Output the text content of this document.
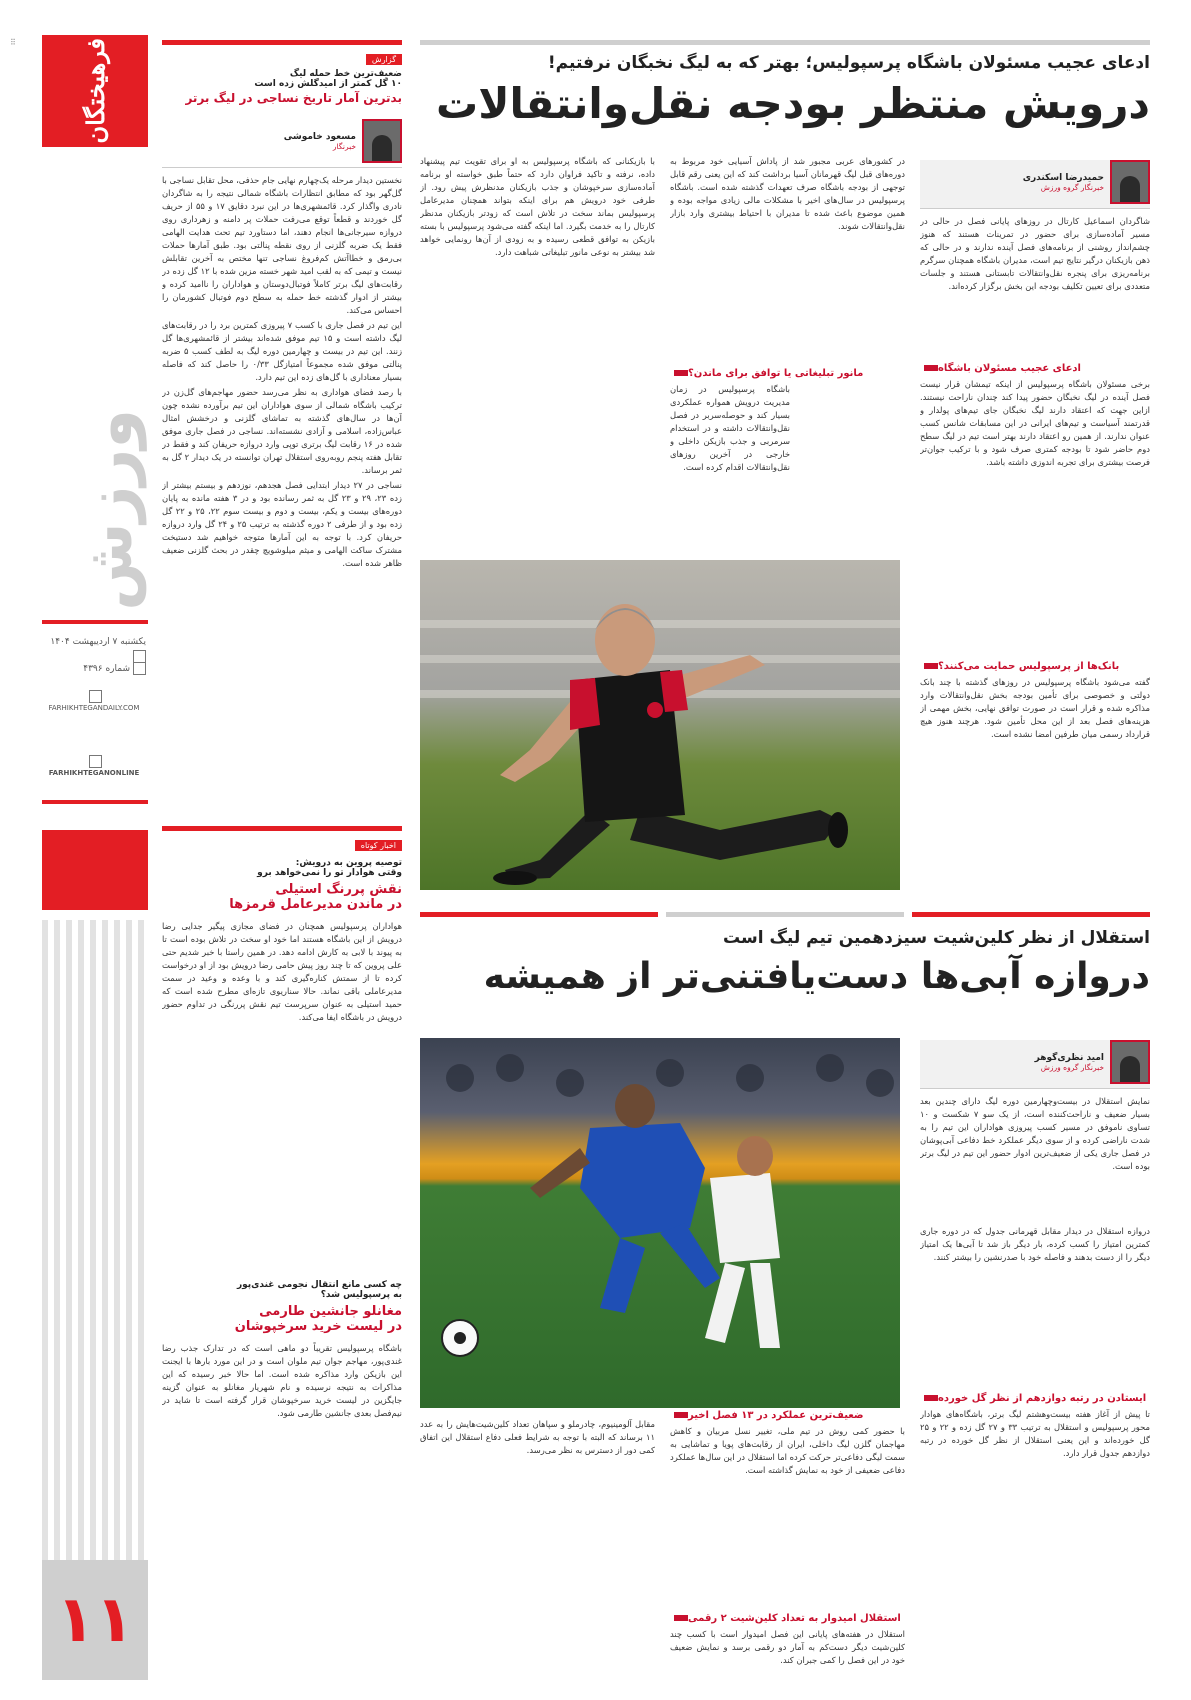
⠿	فرهیختگان
ورزش
یکشنبه ۷ اردیبهشت ۱۴۰۴
شماره ۴۳۹۶

FARHIKHTEGANDAILY.COM

FARHIKHTEGANONLINE
۱۱
گزارش
ضعیف‌ترین خط حمله لیگ
۱۰ گل کمتر از امیدگلش زده است
بدترین آمار تاریخ نساجی در لیگ برتر
مسعود خاموشی
خبرنگار

نخستین دیدار مرحله یک‌چهارم نهایی جام حذفی، محل تقابل نساجی با گل‌گهر بود که مطابق انتظارات باشگاه شمالی نتیجه را به شاگردان نادری واگذار کرد. قائمشهری‌ها در این نبرد دقایق ۱۷ و ۵۵ از حریف گل خوردند و قطعاً توقع می‌رفت حملات پر دامنه و زهرداری روی دروازه سیرجانی‌ها انجام دهند، اما دستاورد تیم تحت هدایت الهامی فقط یک ضربه گلزنی از روی نقطه پنالتی بود. طبق آمارها حملات بی‌رمق و خطاآتش کم‌فروغ نساجی تنها مختص به آخرین تقابلش نیست و تیمی که به لقب امید شهر خسته مزین شده با ۱۲ گل زده در رقابت‌های لیگ برتر کاملاً فوتبال‌دوستان و هواداران را ناامید کرده و بیشتر از ادوار گذشته خط حمله به سطح دوم فوتبال کشورمان را احساس می‌کند.

این تیم در فصل جاری با کسب ۷ پیروزی کمترین برد را در رقابت‌های لیگ داشته است و ۱۵ تیم موفق شده‌اند بیشتر از قائمشهری‌ها گل زنند. این تیم در بیست و چهارمین دوره لیگ به لطف کسب ۵ ضربه پنالتی موفق شده مجموعاً امتیازگل ۰/۳۳ را حاصل کند که فاصله بسیار معناداری با گل‌های زده این تیم دارد.

با رصد فضای هواداری به نظر می‌رسد حضور مهاجم‌های گل‌زن در ترکیب باشگاه شمالی از سوی هواداران این تیم برآورده نشده چون آن‌ها در سال‌های گذشته به تماشای گلزنی و درخشش امثال عباس‌زاده، اسلامی و آزادی نشسته‌اند. نساجی در فصل جاری موفق شده در ۱۶ رقابت لیگ برتری توپی وارد دروازه حریفان کند و فقط در تقابل هفته پنجم روبه‌روی استقلال تهران توانسته در یک دیدار ۲ گل به ثمر برساند.

نساجی در ۲۷ دیدار ابتدایی فصل هجدهم، نوزدهم و بیستم بیشتر از زده ۲۳، ۲۹ و ۲۳ گل به ثمر رسانده بود و در ۳ هفته مانده به پایان دوره‌های بیست و یکم، بیست و دوم و بیست سوم ۲۲، ۲۵ و ۲۲ گل زده بود و از طرفی ۲ دوره گذشته به ترتیب ۲۵ و ۲۴ گل وارد دروازه حریفان کرد. با توجه به این آمارها متوجه خواهیم شد دستیخت مشترک ساکت الهامی و میثم میلوشویچ چقدر در بحث گلزنی ضعیف ظاهر شده است.

اخبار کوتاه
توصیه پروین به درویش:
وقتی هوادار تو را نمی‌خواهد برو
نقش پررنگ استیلی
در ماندن مدیرعامل قرمزها

هواداران پرسپولیس همچنان در فضای مجازی پیگیر جدایی رضا درویش از این باشگاه هستند اما خود او سخت در تلاش بوده است تا به پیوند با لابی به کارش ادامه دهد. در همین راستا با خبر شدیم حتی علی پروین که تا چند روز پیش حامی رضا درویش بود از او درخواست کرده تا از سمتش کناره‌گیری کند و با وعده و وعید در سمت مدیرعاملی باقی نماند. حالا سناریوی تازه‌ای مطرح شده است که حمید استیلی به عنوان سرپرست تیم نقش پررنگی در تداوم حضور درویش در باشگاه ایفا می‌کند.

چه کسی مانع انتقال نجومی غندی‌پور
به پرسپولیس شد؟
مغانلو جانشین طارمی
در لیست خرید سرخپوشان

باشگاه پرسپولیس تقریباً دو ماهی است که در تدارک جذب رضا غندی‌پور، مهاجم جوان تیم ملوان است و در این مورد بارها با ایجنت این بازیکن وارد مذاکره شده است. اما حالا خبر رسیده که این مذاکرات به نتیجه نرسیده و نام شهریار مغانلو به عنوان گزینه جایگزین در لیست خرید سرخپوشان قرار گرفته است تا شاید در نیم‌فصل بعدی جانشین طارمی شود.

ادعای عجیب مسئولان باشگاه پرسپولیس؛ بهتر که به لیگ نخبگان نرفتیم!
درویش منتظر بودجه نقل‌وانتقالات
حمیدرضا اسکندری
خبرنگار گروه ورزش

شاگردان اسماعیل کارتال در روزهای پایانی فصل در حالی در مسیر آماده‌سازی برای حضور در تمرینات هستند که هنوز چشم‌انداز روشنی از برنامه‌های فصل آینده ندارند و در حالی که ذهن بازیکنان درگیر نتایج تیم است، مدیران باشگاه همچنان سرگرم برنامه‌ریزی برای پنجره نقل‌وانتقالات تابستانی هستند و جلسات متعددی برای تعیین تکلیف بودجه این بخش برگزار کرده‌اند.

ادعای عجیب مسئولان باشگاه

برخی مسئولان باشگاه پرسپولیس از اینکه تیمشان قرار نیست فصل آینده در لیگ نخبگان حضور پیدا کند چندان ناراحت نیستند. ازاین جهت که اعتقاد دارند لیگ نخبگان جای تیم‌های پولدار و قدرتمند آسیاست و تیم‌های ایرانی در این مسابقات شانس کسب عنوان ندارند. از همین رو اعتقاد دارند بهتر است تیم در لیگ سطح دوم حاضر شود تا بودجه کمتری صرف شود و با ترکیب جوان‌تر فرصت بیشتری برای تجربه اندوزی داشته باشد.

بانک‌ها از پرسپولیس حمایت می‌کنند؟

گفته می‌شود باشگاه پرسپولیس در روزهای گذشته با چند بانک دولتی و خصوصی برای تأمین بودجه بخش نقل‌وانتقالات وارد مذاکره شده و قرار است در صورت توافق نهایی، بخش مهمی از هزینه‌های فصل بعد از این محل تأمین شود. هرچند هنوز هیچ قرارداد رسمی میان طرفین امضا نشده است.

در کشورهای عربی مجبور شد از پاداش آسیایی خود مربوط به دوره‌های قبل لیگ قهرمانان آسیا برداشت کند که این یعنی رقم قابل توجهی از بودجه باشگاه صرف تعهدات گذشته شده است. باشگاه پرسپولیس در سال‌های اخیر با مشکلات مالی زیادی مواجه بوده و همین موضوع باعث شده تا مدیران با احتیاط بیشتری وارد بازار نقل‌وانتقالات شوند.

مانور تبلیغاتی یا توافق برای ماندن؟

باشگاه پرسپولیس در زمان مدیریت درویش همواره عملکردی بسیار کند و حوصله‌سربر در فصل نقل‌وانتقالات داشته و در استخدام سرمربی و جذب بازیکن داخلی و خارجی در آخرین روزهای نقل‌وانتقالات اقدام کرده است.

با بازیکنانی که باشگاه پرسپولیس به او برای تقویت تیم پیشنهاد داده، نرفته و تاکید فراوان دارد که حتماً طبق خواسته او برنامه آماده‌سازی سرخپوشان و جذب بازیکنان مدنظرش پیش رود. از طرفی خود درویش هم برای اینکه بتواند همچنان مدیرعامل پرسپولیس بماند سخت در تلاش است که زودتر بازیکنان مدنظر کارتال را به خدمت بگیرد. اما اینکه گفته می‌شود پرسپولیس با بسته بازیکن به توافق قطعی رسیده و به زودی از آن‌ها رونمایی خواهد شد بیشتر به نوعی مانور تبلیغاتی شباهت دارد.

استقلال از نظر کلین‌شیت سیزدهمین تیم لیگ است
دروازه آبی‌ها دست‌یافتنی‌تر از همیشه
امید نظری‌گوهر
خبرنگار گروه ورزش

نمایش استقلال در بیست‌وچهارمین دوره لیگ دارای چندین بعد بسیار ضعیف و ناراحت‌کننده است، از یک سو ۷ شکست و ۱۰ تساوی ناموفق در مسیر کسب پیروزی هواداران این تیم را به شدت ناراضی کرده و از سوی دیگر عملکرد خط دفاعی آبی‌پوشان در فصل جاری یکی از ضعیف‌ترین ادوار حضور این تیم در لیگ برتر بوده است.

دروازه استقلال در دیدار مقابل قهرمانی جدول که در دوره جاری کمترین امتیاز را کسب کرده، بار دیگر باز شد تا آبی‌ها یک امتیاز دیگر را از دست بدهند و فاصله خود با صدرنشین را بیشتر کنند.

ایستادن در رتبه دوازدهم از نظر گل خورده

تا پیش از آغاز هفته بیست‌وهشتم لیگ برتر، باشگاه‌های هوادار محور پرسپولیس و استقلال به ترتیب ۳۳ و ۲۷ گل زده و ۲۲ و ۲۵ گل خورده‌اند و این یعنی استقلال از نظر گل خورده در رتبه دوازدهم جدول قرار دارد.

مقابل آلومینیوم، چادرملو و سپاهان تعداد کلین‌شیت‌هایش را به عدد ۱۱ برساند که البته با توجه به شرایط فعلی دفاع استقلال این اتفاق کمی دور از دسترس به نظر می‌رسد.

ضعیف‌ترین عملکرد در ۱۳ فصل اخیر

با حضور کمی روش در تیم ملی، تغییر نسل مربیان و کاهش مهاجمان گلزن لیگ داخلی، ایران از رقابت‌های پویا و تماشایی به سمت لیگی دفاعی‌تر حرکت کرده اما استقلال در این سال‌ها عملکرد دفاعی ضعیفی از خود به نمایش گذاشته است.

استقلال امیدوار به تعداد کلین‌شیت ۲ رقمی

استقلال در هفته‌های پایانی این فصل امیدوار است با کسب چند کلین‌شیت دیگر دست‌کم به آمار دو رقمی برسد و نمایش ضعیف خود در این فصل را کمی جبران کند.
